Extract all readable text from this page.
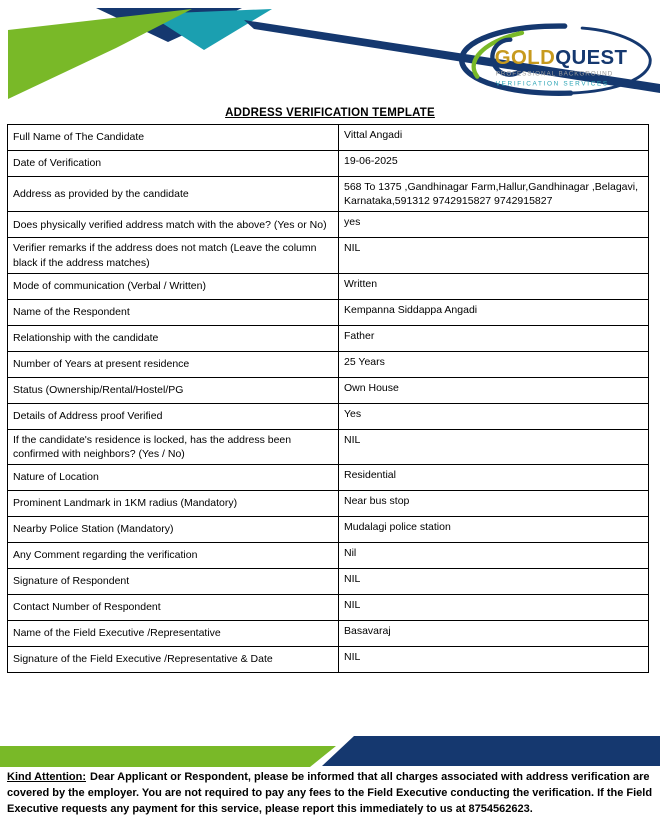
GOLDQUEST
PROFESSIONAL BACKGROUND
VERIFICATION SERVICES
ADDRESS VERIFICATION TEMPLATE
Full Name of The Candidate	Vittal Angadi
Date of Verification	19-06-2025
Address as provided by the candidate	568 To 1375 ,Gandhinagar Farm,Hallur,Gandhinagar ,Belagavi, Karnataka,591312 9742915827 9742915827
Does physically verified address match with the above? (Yes or No)	yes
Verifier remarks if the address does not match (Leave the column black if the address matches)	NIL
Mode of communication (Verbal / Written)	Written
Name of the Respondent	Kempanna Siddappa Angadi
Relationship with the candidate	Father
Number of Years at present residence	25 Years
Status (Ownership/Rental/Hostel/PG	Own House
Details of Address proof Verified	Yes
If the candidate's residence is locked, has the address been confirmed with neighbors? (Yes / No)	NIL
Nature of Location	Residential
Prominent Landmark in 1KM radius (Mandatory)	Near bus stop
Nearby Police Station (Mandatory)	Mudalagi police station
Any Comment regarding the verification	Nil
Signature of Respondent	NIL
Contact Number of Respondent	NIL
Name of the Field Executive /Representative	Basavaraj
Signature of the Field Executive /Representative & Date	NIL
Kind Attention: Dear Applicant or Respondent, please be informed that all charges associated with address verification are covered by the employer. You are not required to pay any fees to the Field Executive conducting the verification. If the Field Executive requests any payment for this service, please report this immediately to us at 8754562623.
